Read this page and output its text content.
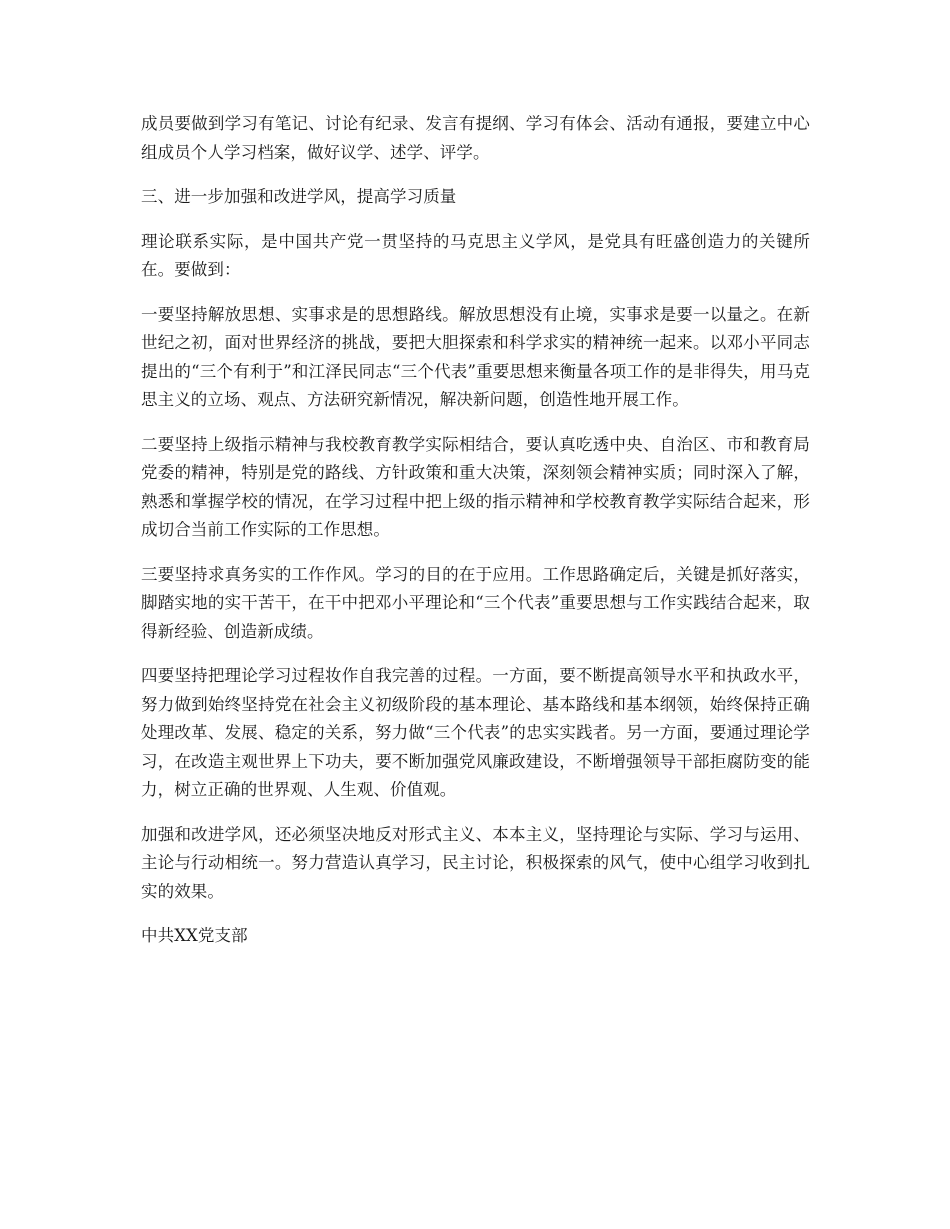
成员要做到学习有笔记、讨论有纪录、发言有提纲、学习有体会、活动有通报，要建立中心组成员个人学习档案，做好议学、述学、评学。

三、进一步加强和改进学风，提高学习质量

理论联系实际，是中国共产党一贯坚持的马克思主义学风，是党具有旺盛创造力的关键所在。要做到：

一要坚持解放思想、实事求是的思想路线。解放思想没有止境，实事求是要一以量之。在新世纪之初，面对世界经济的挑战，要把大胆探索和科学求实的精神统一起来。以邓小平同志提出的“三个有利于”和江泽民同志“三个代表”重要思想来衡量各项工作的是非得失，用马克思主义的立场、观点、方法研究新情况，解决新问题，创造性地开展工作。

二要坚持上级指示精神与我校教育教学实际相结合，要认真吃透中央、自治区、市和教育局党委的精神，特别是党的路线、方针政策和重大决策，深刻领会精神实质；同时深入了解，熟悉和掌握学校的情况，在学习过程中把上级的指示精神和学校教育教学实际结合起来，形成切合当前工作实际的工作思想。

三要坚持求真务实的工作作风。学习的目的在于应用。工作思路确定后，关键是抓好落实，脚踏实地的实干苦干，在干中把邓小平理论和“三个代表”重要思想与工作实践结合起来，取得新经验、创造新成绩。

四要坚持把理论学习过程妆作自我完善的过程。一方面，要不断提高领导水平和执政水平，努力做到始终坚持党在社会主义初级阶段的基本理论、基本路线和基本纲领，始终保持正确处理改革、发展、稳定的关系，努力做“三个代表”的忠实实践者。另一方面，要通过理论学习，在改造主观世界上下功夫，要不断加强党风廉政建设，不断增强领导干部拒腐防变的能力，树立正确的世界观、人生观、价值观。

加强和改进学风，还必须坚决地反对形式主义、本本主义，坚持理论与实际、学习与运用、主论与行动相统一。努力营造认真学习，民主讨论，积极探索的风气，使中心组学习收到扎实的效果。

中共XX党支部
